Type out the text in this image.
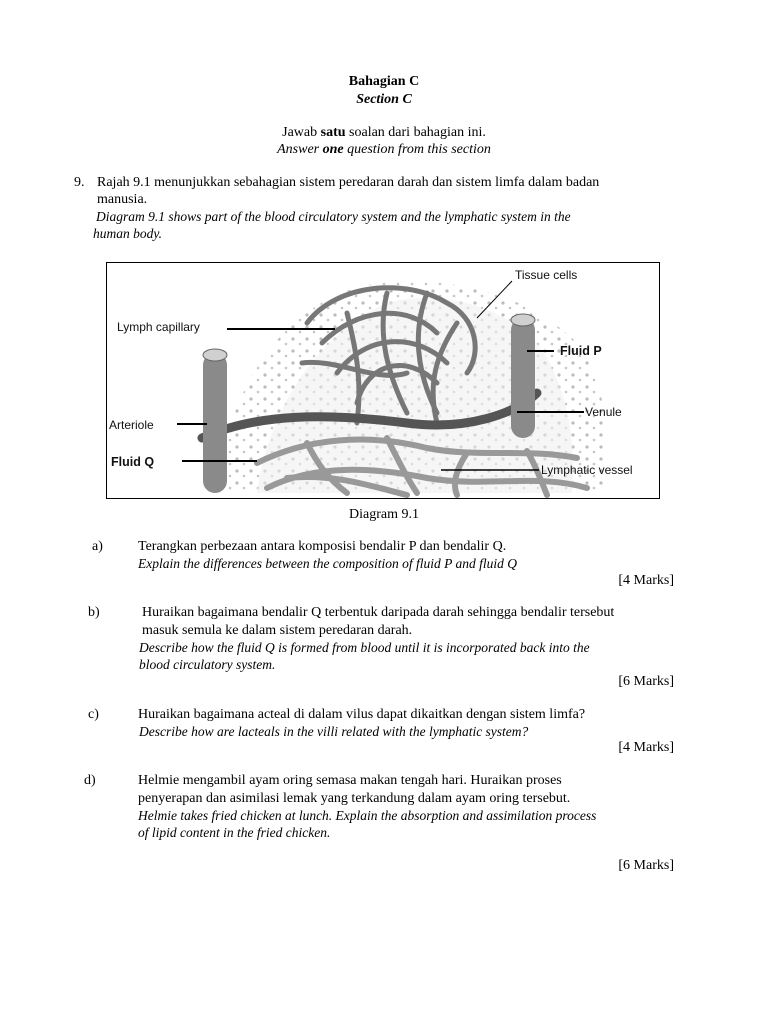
Bahagian C
Section C
Jawab satu soalan dari bahagian ini.
Answer one question from this section
9. Rajah 9.1 menunjukkan sebahagian sistem peredaran darah dan sistem limfa dalam badan
manusia.
Diagram 9.1 shows part of the blood circulatory system and the lymphatic system in the
human body.
Tissue cells
Lymph capillary
Fluid P
Arteriole
Venule
Fluid Q
Lymphatic vessel
Diagram 9.1
a)	Terangkan perbezaan antara komposisi bendalir P dan bendalir Q.
Explain the differences between the composition of fluid P and fluid Q
[4 Marks]
b)	Huraikan bagaimana bendalir Q terbentuk daripada darah sehingga bendalir tersebut
masuk semula ke dalam sistem peredaran darah.
Describe how the fluid Q is formed from blood until it is incorporated back into the
blood circulatory system.
[6 Marks]
c)	Huraikan bagaimana acteal di dalam vilus dapat dikaitkan dengan sistem limfa?
Describe how are lacteals in the villi related with the lymphatic system?
[4 Marks]
d)	Helmie mengambil ayam oring semasa makan tengah hari. Huraikan proses
penyerapan dan asimilasi lemak yang terkandung dalam ayam oring tersebut.
Helmie takes fried chicken at lunch. Explain the absorption and assimilation process
of lipid content in the fried chicken.
[6 Marks]
